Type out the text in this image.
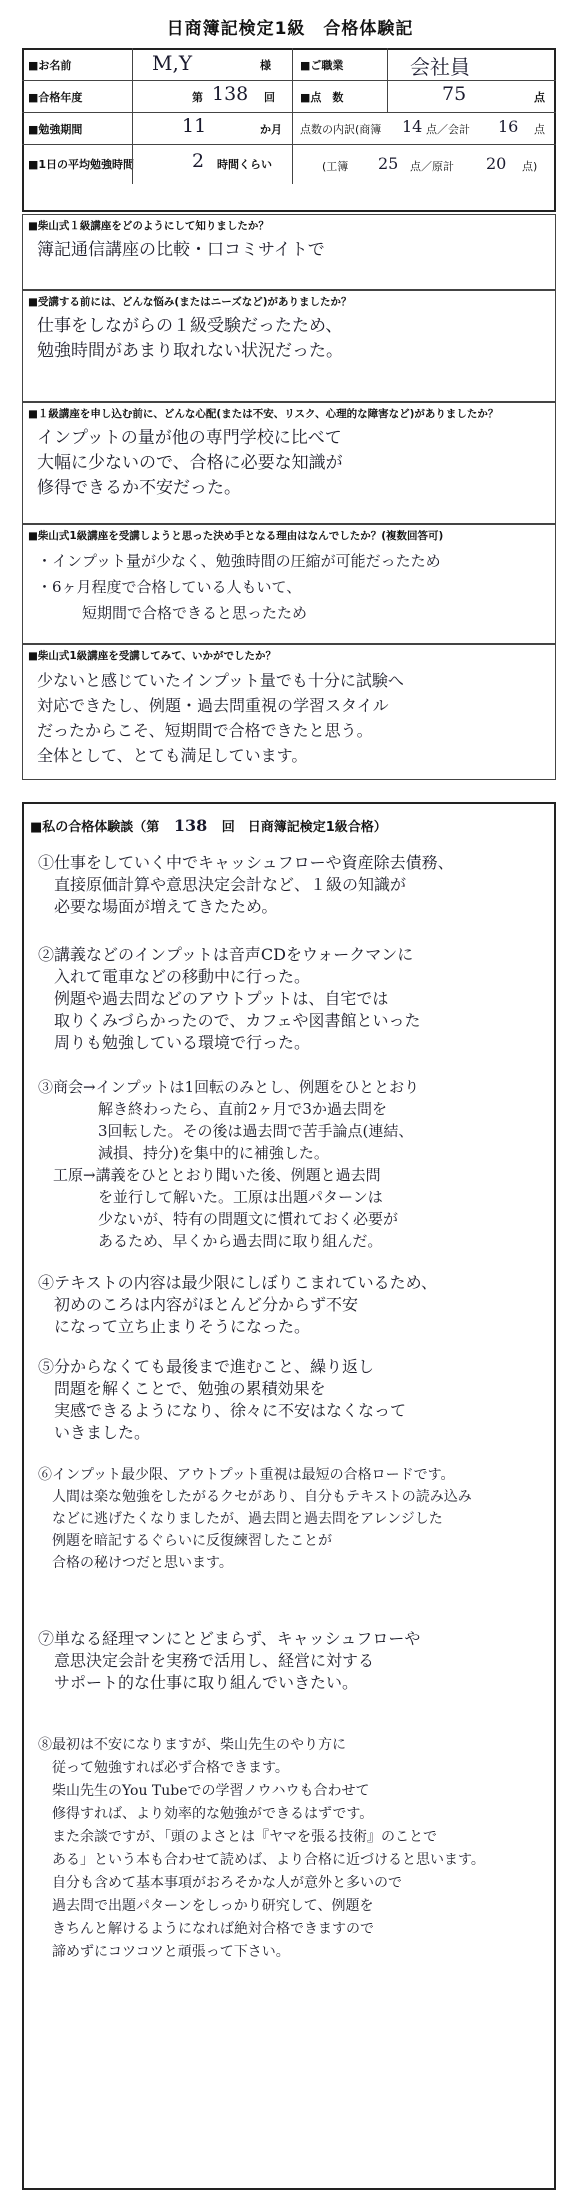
日商簿記検定1級　合格体験記
■お名前	M,Y	様	■ご職業	会社員
■合格年度	第 138 回 ■点　数	75	点
■勉強期間	11	か月 点数の内訳(商簿 14 点／会計 16 点
■1日の平均勉強時間	2 時間くらい	(工簿 25 点／原計 20 点)
■柴山式１級講座をどのようにして知りましたか？
簿記通信講座の比較・口コミサイトで
■受講する前には、どんな悩み(またはニーズなど)がありましたか？
仕事をしながらの１級受験だったため、
勉強時間があまり取れない状況だった。
■１級講座を申し込む前に、どんな心配(または不安、リスク、心理的な障害など)がありましたか？
インプットの量が他の専門学校に比べて
大幅に少ないので、合格に必要な知識が
修得できるか不安だった。
■柴山式1級講座を受講しようと思った決め手となる理由はなんでしたか？(複数回答可)
・インプット量が少なく、勉強時間の圧縮が可能だったため
・6ヶ月程度で合格している人もいて、
　　　短期間で合格できると思ったため
■柴山式1級講座を受講してみて、いかがでしたか？
少ないと感じていたインプット量でも十分に試験へ
対応できたし、例題・過去問重視の学習スタイル
だったからこそ、短期間で合格できたと思う。
全体として、とても満足しています。
■私の合格体験談（第 138 回　日商簿記検定1級合格）
①仕事をしていく中でキャッシュフローや資産除去債務、
　直接原価計算や意思決定会計など、１級の知識が
　必要な場面が増えてきたため。
②講義などのインプットは音声CDをウォークマンに
　入れて電車などの移動中に行った。
　例題や過去問などのアウトプットは、自宅では
　取りくみづらかったので、カフェや図書館といった
　周りも勉強している環境で行った。
③商会→インプットは1回転のみとし、例題をひととおり
　　　　解き終わったら、直前2ヶ月で3か過去問を
　　　　3回転した。その後は過去問で苦手論点(連結、
　　　　減損、持分)を集中的に補強した。
　工原→講義をひととおり聞いた後、例題と過去問
　　　　を並行して解いた。工原は出題パターンは
　　　　少ないが、特有の問題文に慣れておく必要が
　　　　あるため、早くから過去問に取り組んだ。
④テキストの内容は最少限にしぼりこまれているため、
　初めのころは内容がほとんど分からず不安
　になって立ち止まりそうになった。
⑤分からなくても最後まで進むこと、繰り返し
　問題を解くことで、勉強の累積効果を
　実感できるようになり、徐々に不安はなくなって
　いきました。
⑥インプット最少限、アウトプット重視は最短の合格ロードです。
　人間は楽な勉強をしたがるクセがあり、自分もテキストの読み込み
　などに逃げたくなりましたが、過去問と過去問をアレンジした
　例題を暗記するぐらいに反復練習したことが
　合格の秘けつだと思います。
⑦単なる経理マンにとどまらず、キャッシュフローや
　意思決定会計を実務で活用し、経営に対する
　サポート的な仕事に取り組んでいきたい。
⑧最初は不安になりますが、柴山先生のやり方に
　従って勉強すれば必ず合格できます。
　柴山先生のYou Tubeでの学習ノウハウも合わせて
　修得すれば、より効率的な勉強ができるはずです。
　また余談ですが、「頭のよさとは『ヤマを張る技術』のことで
　ある」という本も合わせて読めば、より合格に近づけると思います。
　自分も含めて基本事項がおろそかな人が意外と多いので
　過去問で出題パターンをしっかり研究して、例題を
　きちんと解けるようになれば絶対合格できますので
　諦めずにコツコツと頑張って下さい。
